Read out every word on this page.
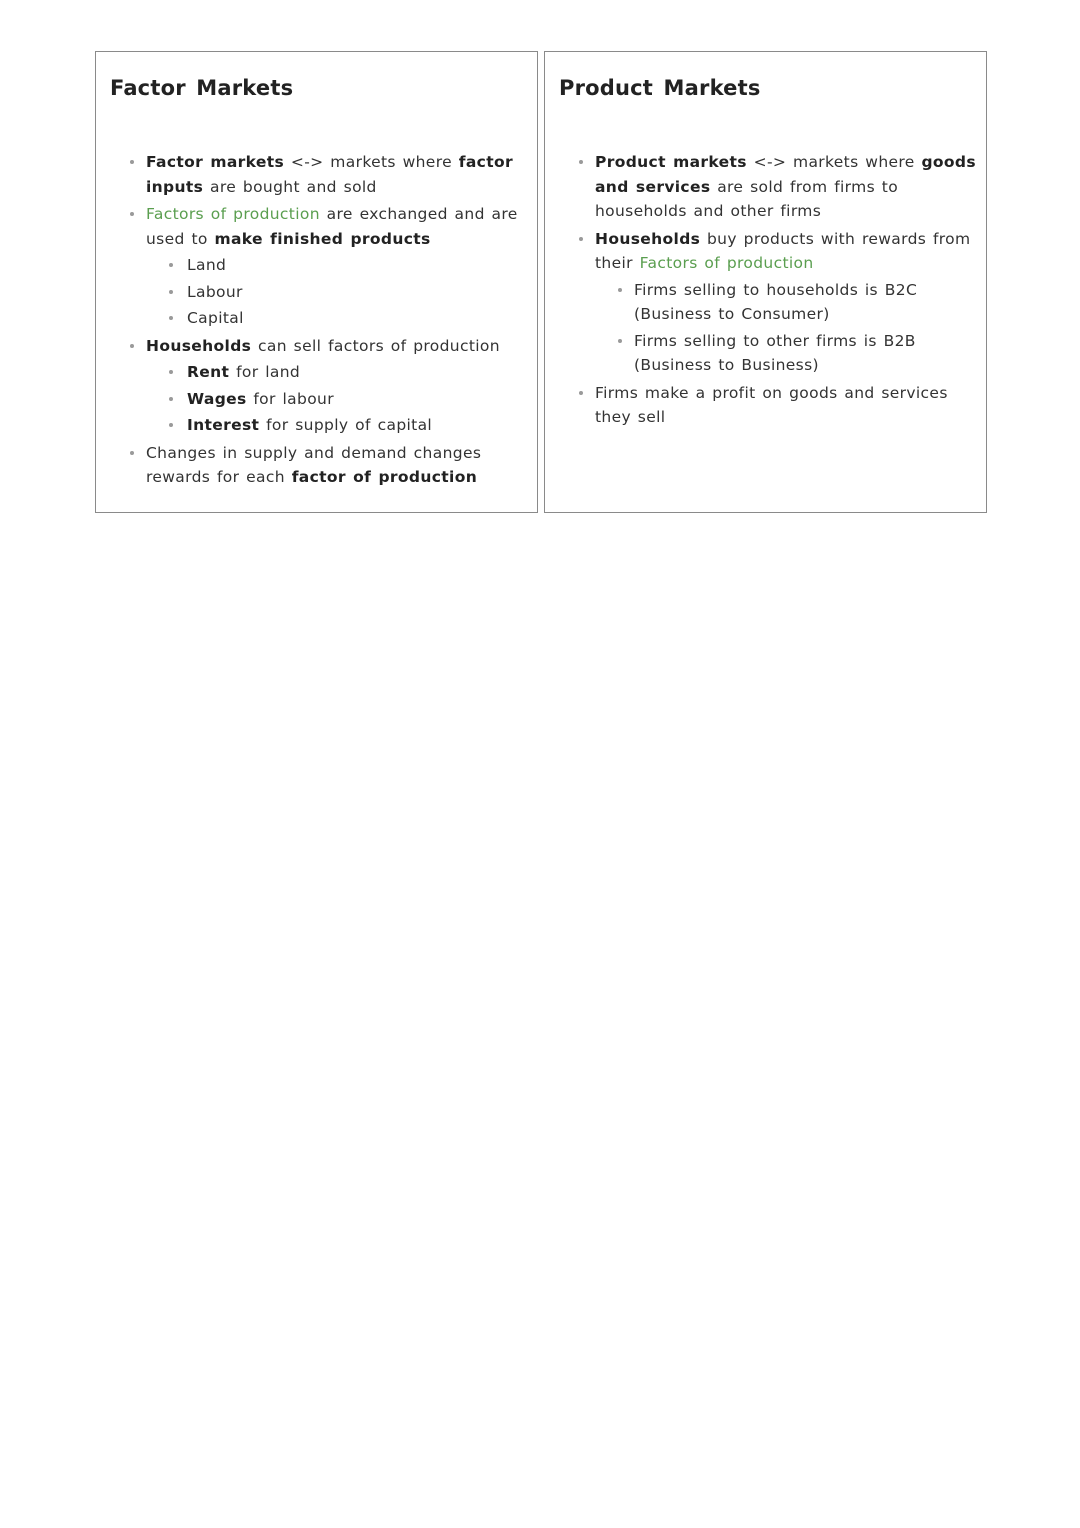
Factor Markets
Factor markets <-> markets where factor inputs are bought and sold
Factors of production are exchanged and are used to make finished products
Land
Labour
Capital
Households can sell factors of production
Rent for land
Wages for labour
Interest for supply of capital
Changes in supply and demand changes rewards for each factor of production
Product Markets
Product markets <-> markets where goods and services are sold from firms to households and other firms
Households buy products with rewards from their Factors of production
Firms selling to households is B2C
(Business to Consumer)
Firms selling to other firms is B2B
(Business to Business)
Firms make a profit on goods and services they sell
